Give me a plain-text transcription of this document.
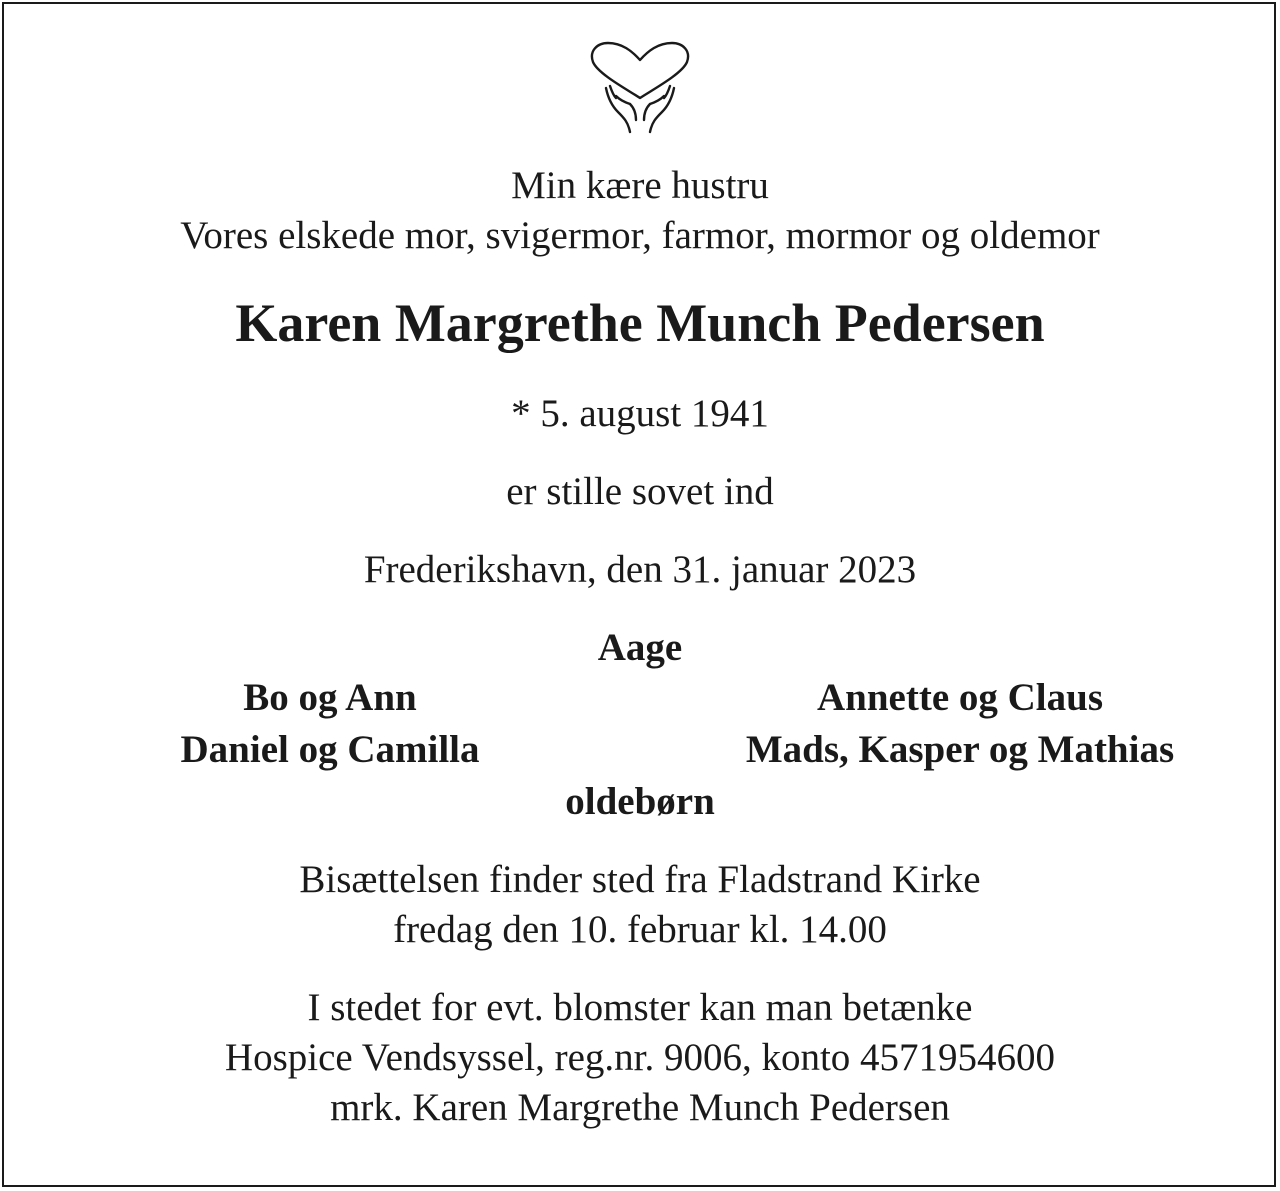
Min kære hustru
Vores elskede mor, svigermor, farmor, mormor og oldemor
Karen Margrethe Munch Pedersen
* 5. august 1941
er stille sovet ind
Frederikshavn, den 31. januar 2023
Aage
Bo og Ann	Annette og Claus
Daniel og Camilla	Mads, Kasper og Mathias
oldebørn
Bisættelsen finder sted fra Fladstrand Kirke
fredag den 10. februar kl. 14.00
I stedet for evt. blomster kan man betænke
Hospice Vendsyssel, reg.nr. 9006, konto 4571954600
mrk. Karen Margrethe Munch Pedersen
